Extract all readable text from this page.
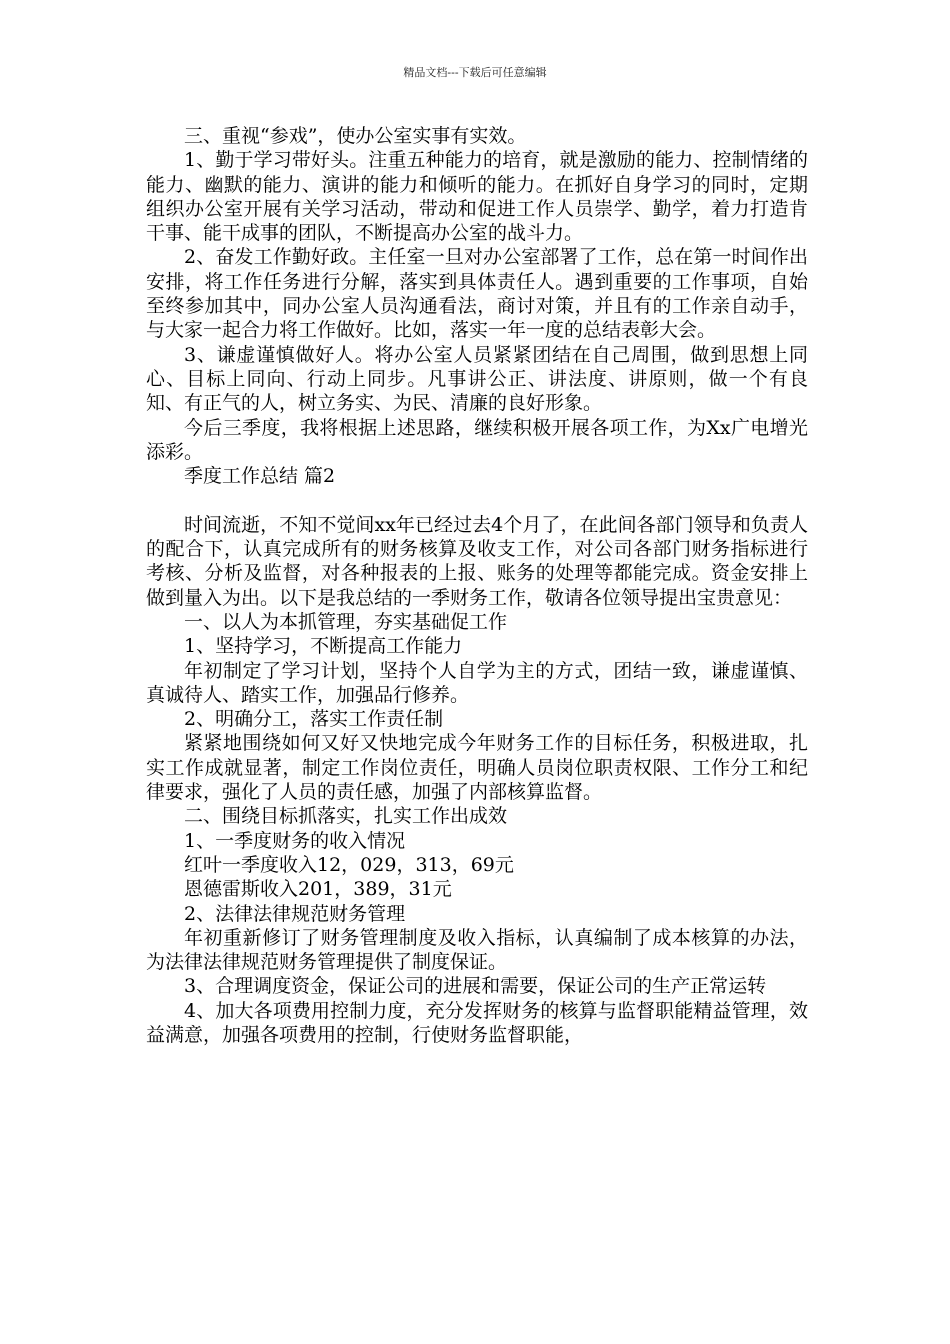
精品文档---下载后可任意编辑

三、重视“参戏”，使办公室实事有实效。

1、勤于学习带好头。注重五种能力的培育，就是激励的能力、控制情绪的能力、幽默的能力、演讲的能力和倾听的能力。在抓好自身学习的同时，定期组织办公室开展有关学习活动，带动和促进工作人员崇学、勤学，着力打造肯干事、能干成事的团队，不断提高办公室的战斗力。

2、奋发工作勤好政。主任室一旦对办公室部署了工作，总在第一时间作出安排，将工作任务进行分解，落实到具体责任人。遇到重要的工作事项，自始至终参加其中，同办公室人员沟通看法，商讨对策，并且有的工作亲自动手，与大家一起合力将工作做好。比如，落实一年一度的总结表彰大会。

3、谦虚谨慎做好人。将办公室人员紧紧团结在自己周围，做到思想上同心、目标上同向、行动上同步。凡事讲公正、讲法度、讲原则，做一个有良知、有正气的人，树立务实、为民、清廉的良好形象。

今后三季度，我将根据上述思路，继续积极开展各项工作，为Xx广电增光添彩。

季度工作总结 篇2

时间流逝，不知不觉间xx年已经过去4个月了，在此间各部门领导和负责人的配合下，认真完成所有的财务核算及收支工作，对公司各部门财务指标进行考核、分析及监督，对各种报表的上报、账务的处理等都能完成。资金安排上做到量入为出。以下是我总结的一季财务工作，敬请各位领导提出宝贵意见：

一、以人为本抓管理，夯实基础促工作

1、坚持学习，不断提高工作能力

年初制定了学习计划，坚持个人自学为主的方式，团结一致，谦虚谨慎、真诚待人、踏实工作，加强品行修养。

2、明确分工，落实工作责任制

紧紧地围绕如何又好又快地完成今年财务工作的目标任务，积极进取，扎实工作成就显著，制定工作岗位责任，明确人员岗位职责权限、工作分工和纪律要求，强化了人员的责任感，加强了内部核算监督。

二、围绕目标抓落实，扎实工作出成效

1、一季度财务的收入情况

红叶一季度收入12，029，313，69元

恩德雷斯收入201，389，31元

2、法律法律规范财务管理

年初重新修订了财务管理制度及收入指标，认真编制了成本核算的办法，为法律法律规范财务管理提供了制度保证。

3、合理调度资金，保证公司的进展和需要，保证公司的生产正常运转

4、加大各项费用控制力度，充分发挥财务的核算与监督职能精益管理，效益满意，加强各项费用的控制，行使财务监督职能，
